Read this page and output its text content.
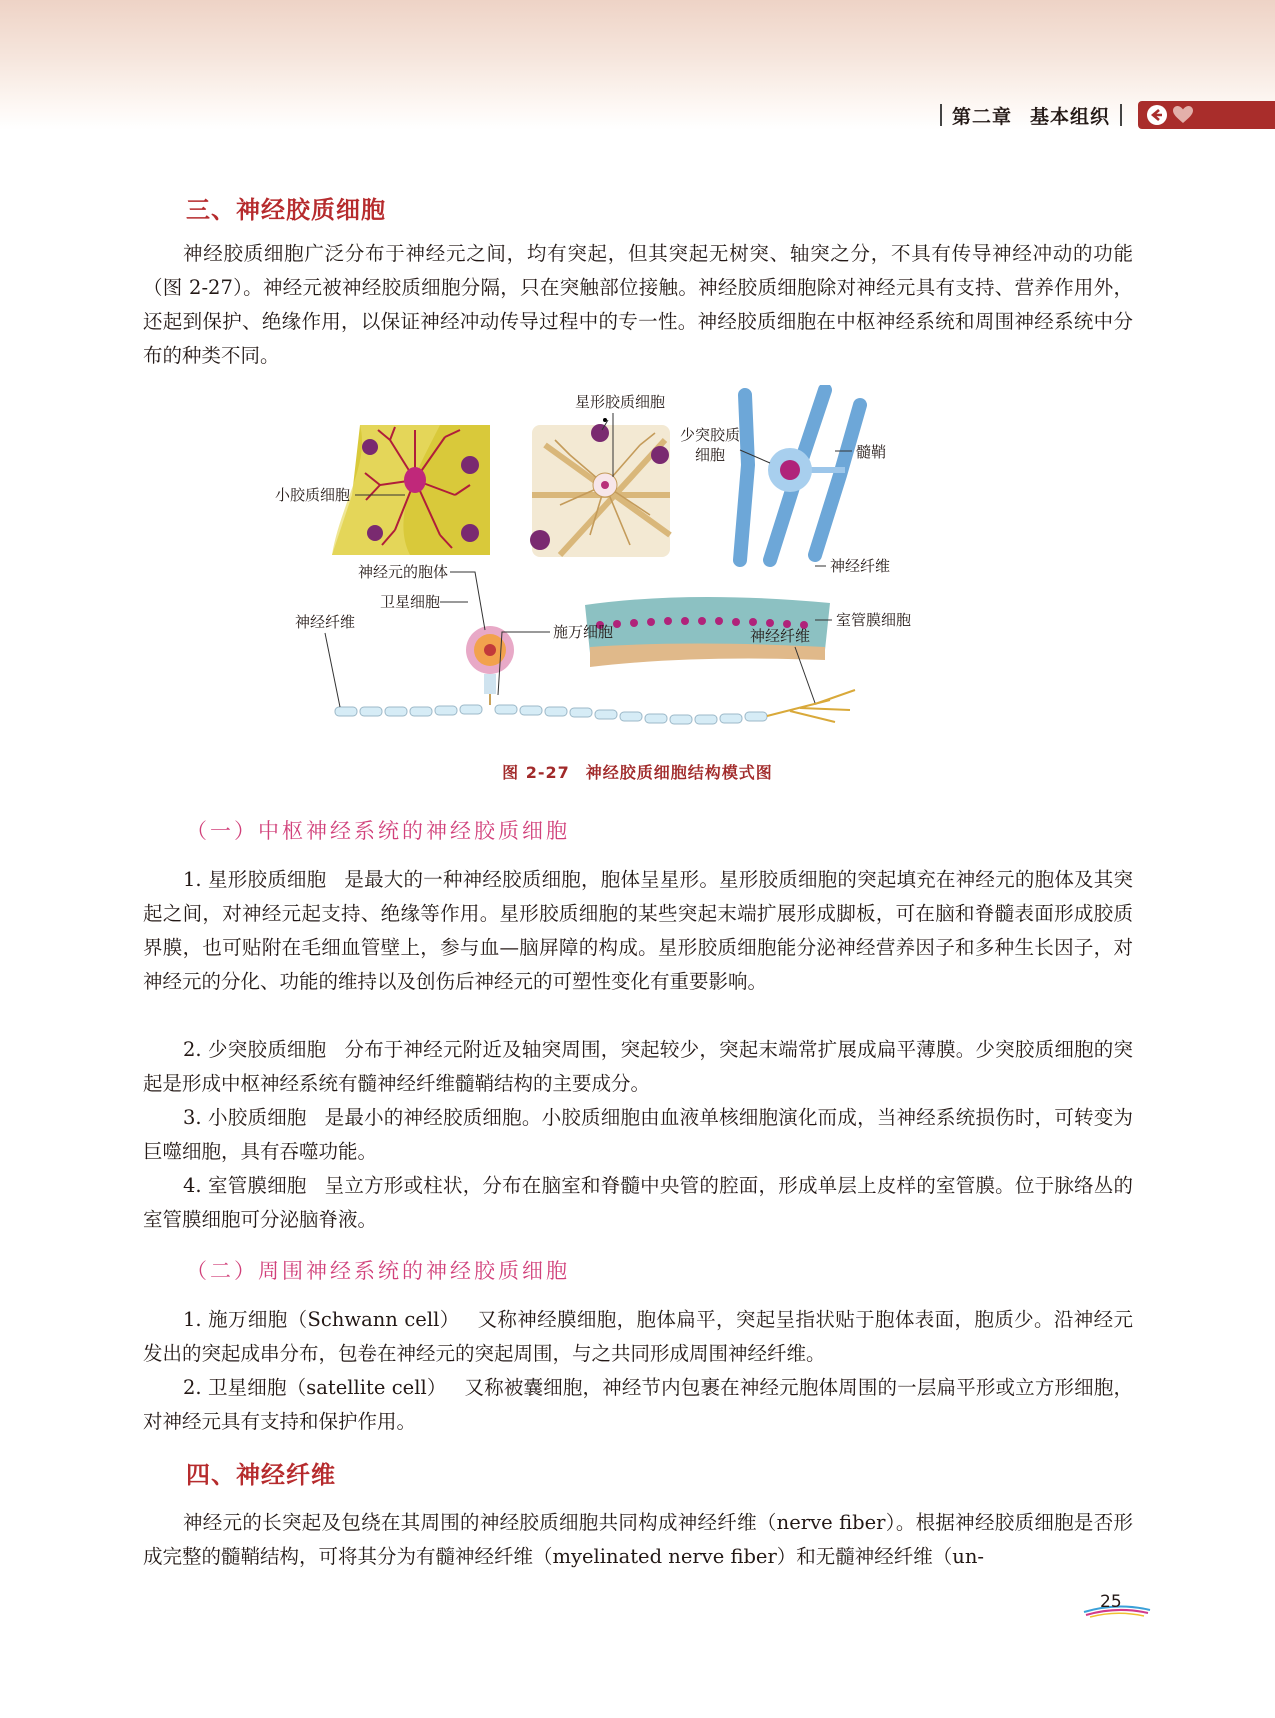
第二章 基本组织
三、神经胶质细胞

神经胶质细胞广泛分布于神经元之间，均有突起，但其突起无树突、轴突之分，不具有传导神经冲动的功能（图 2-27）。神经元被神经胶质细胞分隔，只在突触部位接触。神经胶质细胞除对神经元具有支持、营养作用外，还起到保护、绝缘作用，以保证神经冲动传导过程中的专一性。神经胶质细胞在中枢神经系统和周围神经系统中分布的种类不同。

少突胶质
细胞	髓鞘
神经纤维
小胶质细胞
星形胶质细胞
室管膜细胞
神经元的胞体
卫星细胞
神经纤维
施万细胞	神经纤维
图 2-27 神经胶质细胞结构模式图
（一）中枢神经系统的神经胶质细胞

1. 星形胶质细胞 是最大的一种神经胶质细胞，胞体呈星形。星形胶质细胞的突起填充在神经元的胞体及其突起之间，对神经元起支持、绝缘等作用。星形胶质细胞的某些突起末端扩展形成脚板，可在脑和脊髓表面形成胶质界膜，也可贴附在毛细血管壁上，参与血—脑屏障的构成。星形胶质细胞能分泌神经营养因子和多种生长因子，对神经元的分化、功能的维持以及创伤后神经元的可塑性变化有重要影响。

2. 少突胶质细胞 分布于神经元附近及轴突周围，突起较少，突起末端常扩展成扁平薄膜。少突胶质细胞的突起是形成中枢神经系统有髓神经纤维髓鞘结构的主要成分。

3. 小胶质细胞 是最小的神经胶质细胞。小胶质细胞由血液单核细胞演化而成，当神经系统损伤时，可转变为巨噬细胞，具有吞噬功能。

4. 室管膜细胞 呈立方形或柱状，分布在脑室和脊髓中央管的腔面，形成单层上皮样的室管膜。位于脉络丛的室管膜细胞可分泌脑脊液。

（二）周围神经系统的神经胶质细胞

1. 施万细胞（Schwann cell） 又称神经膜细胞，胞体扁平，突起呈指状贴于胞体表面，胞质少。沿神经元发出的突起成串分布，包卷在神经元的突起周围，与之共同形成周围神经纤维。

2. 卫星细胞（satellite cell） 又称被囊细胞，神经节内包裹在神经元胞体周围的一层扁平形或立方形细胞，对神经元具有支持和保护作用。

四、神经纤维

神经元的长突起及包绕在其周围的神经胶质细胞共同构成神经纤维（nerve fiber）。根据神经胶质细胞是否形成完整的髓鞘结构，可将其分为有髓神经纤维（myelinated nerve fiber）和无髓神经纤维（un-

25
